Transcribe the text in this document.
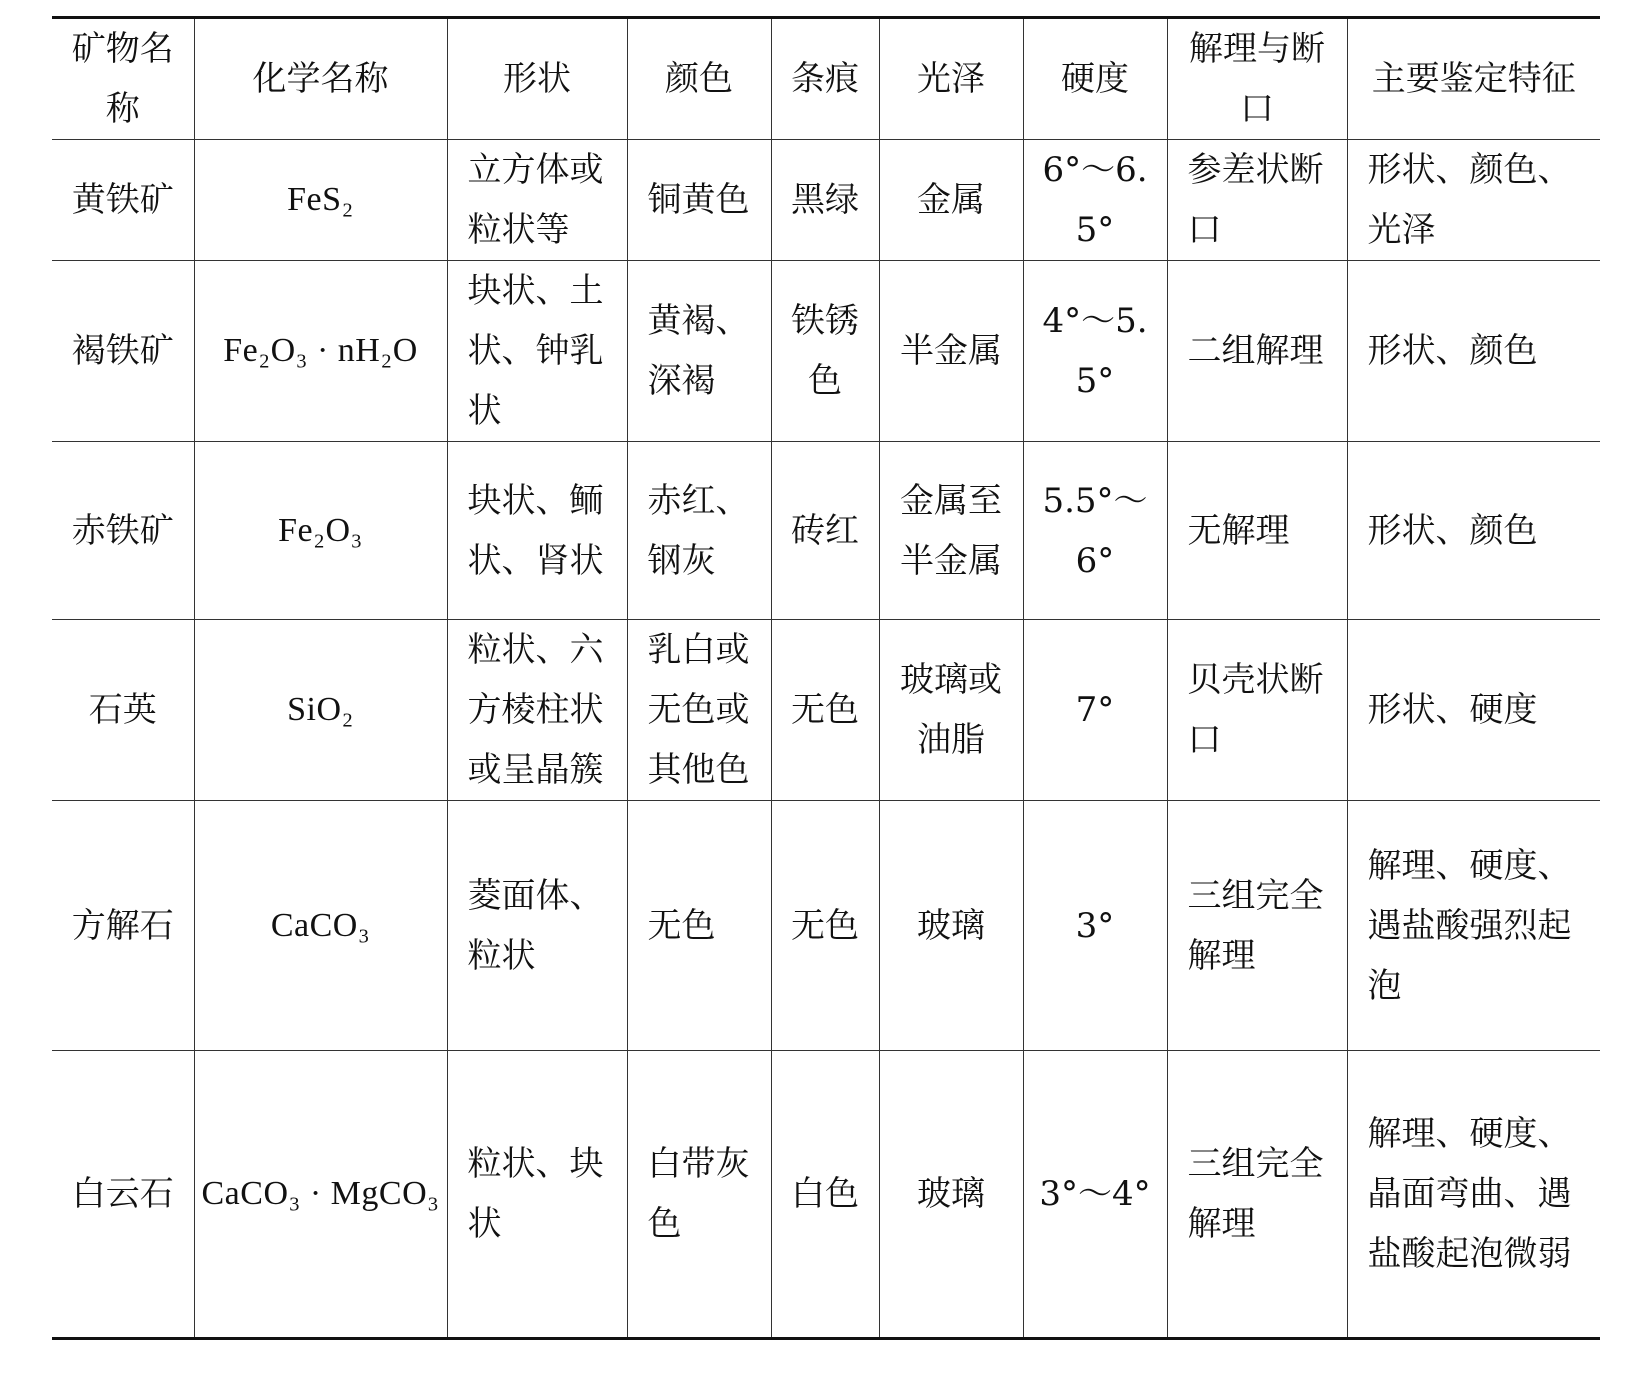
矿物名称	化学名称	形状	颜色	条痕	光泽	硬度	解理与断口	主要鉴定特征
黄铁矿	FeS₂	立方体或粒状等	铜黄色	黑绿	金属	6°～6.5°	参差状断口	形状、颜色、光泽
褐铁矿	Fe₂O₃ · nH₂O	块状、土状、钟乳状	黄褐、深褐	铁锈色	半金属	4°～5.5°	二组解理	形状、颜色
赤铁矿	Fe₂O₃	块状、鲕状、肾状	赤红、钢灰	砖红	金属至半金属	5.5°～6°	无解理	形状、颜色
石英	SiO₂	粒状、六方棱柱状或呈晶簇	乳白或无色或其他色	无色	玻璃或油脂	7°	贝壳状断口	形状、硬度
方解石	CaCO₃	菱面体、粒状	无色	无色	玻璃	3°	三组完全解理	解理、硬度、遇盐酸强烈起泡
白云石	CaCO₃ · MgCO₃	粒状、块状	白带灰色	白色	玻璃	3°～4°	三组完全解理	解理、硬度、晶面弯曲、遇盐酸起泡微弱
